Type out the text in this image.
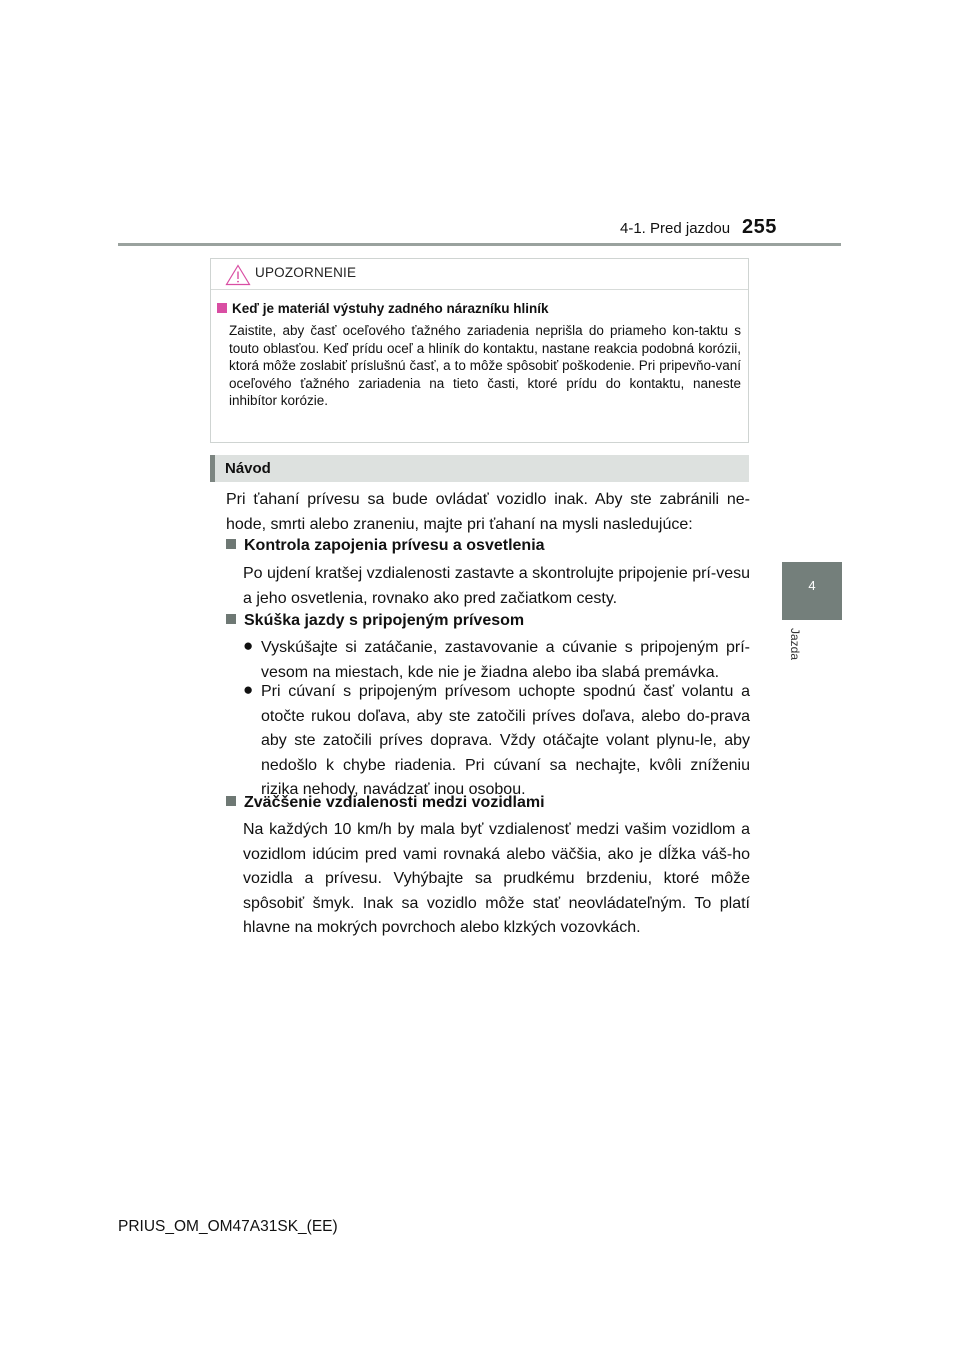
4-1. Pred jazdou 255
4
Jazda
UPOZORNENIE
Keď je materiál výstuhy zadného nárazníku hliník
Zaistite, aby časť oceľového ťažného zariadenia neprišla do priameho kon-taktu s touto oblasťou. Keď prídu oceľ a hliník do kontaktu, nastane reakcia podobná korózii, ktorá môže zoslabiť príslušnú časť, a to môže spôsobiť poškodenie. Pri pripevňo-vaní oceľového ťažného zariadenia na tieto časti, ktoré prídu do kontaktu, naneste inhibítor korózie.
Návod
Pri ťahaní prívesu sa bude ovládať vozidlo inak. Aby ste zabránili ne-hode, smrti alebo zraneniu, majte pri ťahaní na mysli nasledujúce:
Kontrola zapojenia prívesu a osvetlenia
Po ujdení kratšej vzdialenosti zastavte a skontrolujte pripojenie prí-vesu a jeho osvetlenia, rovnako ako pred začiatkom cesty.
Skúška jazdy s pripojeným prívesom
● Vyskúšajte si zatáčanie, zastavovanie a cúvanie s pripojeným prí-vesom na miestach, kde nie je žiadna alebo iba slabá premávka.
● Pri cúvaní s pripojeným prívesom uchopte spodnú časť volantu a otočte rukou doľava, aby ste zatočili príves doľava, alebo do-prava aby ste zatočili príves doprava. Vždy otáčajte volant plynu-le, aby nedošlo k chybe riadenia. Pri cúvaní sa nechajte, kvôli zníženiu rizika nehody, navádzať inou osobou.
Zväčšenie vzdialenosti medzi vozidlami
Na každých 10 km/h by mala byť vzdialenosť medzi vašim vozidlom a vozidlom idúcim pred vami rovnaká alebo väčšia, ako je dĺžka váš-ho vozidla a prívesu. Vyhýbajte sa prudkému brzdeniu, ktoré môže spôsobiť šmyk. Inak sa vozidlo môže stať neovládateľným. To platí hlavne na mokrých povrchoch alebo klzkých vozovkách.
PRIUS_OM_OM47A31SK_(EE)
